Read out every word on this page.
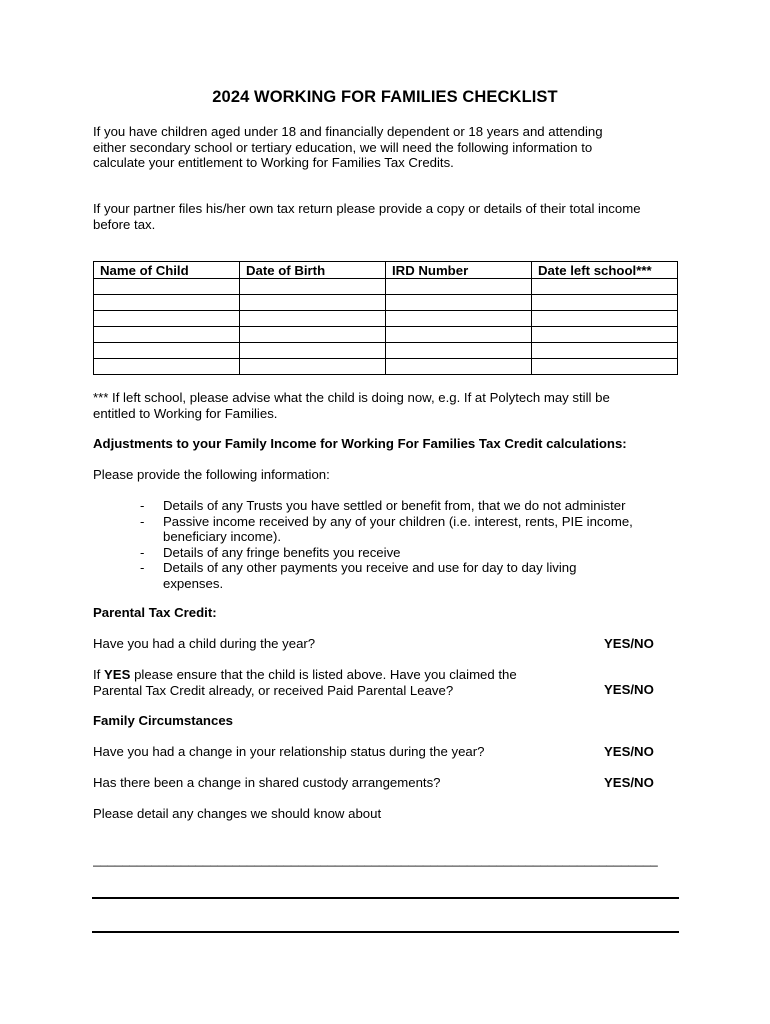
2024 WORKING FOR FAMILIES CHECKLIST
If you have children aged under 18 and financially dependent or 18 years and attending
either secondary school or tertiary education, we will need the following information to
calculate your entitlement to Working for Families Tax Credits.
If your partner files his/her own tax return please provide a copy or details of their total income
before tax.
Name of Child	Date of Birth	IRD Number	Date left school***

*** If left school, please advise what the child is doing now, e.g. If at Polytech may still be
entitled to Working for Families.
Adjustments to your Family Income for Working For Families Tax Credit calculations:
Please provide the following information:
-	Details of any Trusts you have settled or benefit from, that we do not administer
-	Passive income received by any of your children (i.e. interest, rents, PIE income,
beneficiary income).
-	Details of any fringe benefits you receive
-	Details of any other payments you receive and use for day to day living
expenses.
Parental Tax Credit:
Have you had a child during the year?	YES/NO
If YES please ensure that the child is listed above. Have you claimed the
Parental Tax Credit already, or received Paid Parental Leave?	YES/NO
Family Circumstances
Have you had a change in your relationship status during the year?	YES/NO
Has there been a change in shared custody arrangements?	YES/NO
Please detail any changes we should know about
_____________________________________________________________________________
